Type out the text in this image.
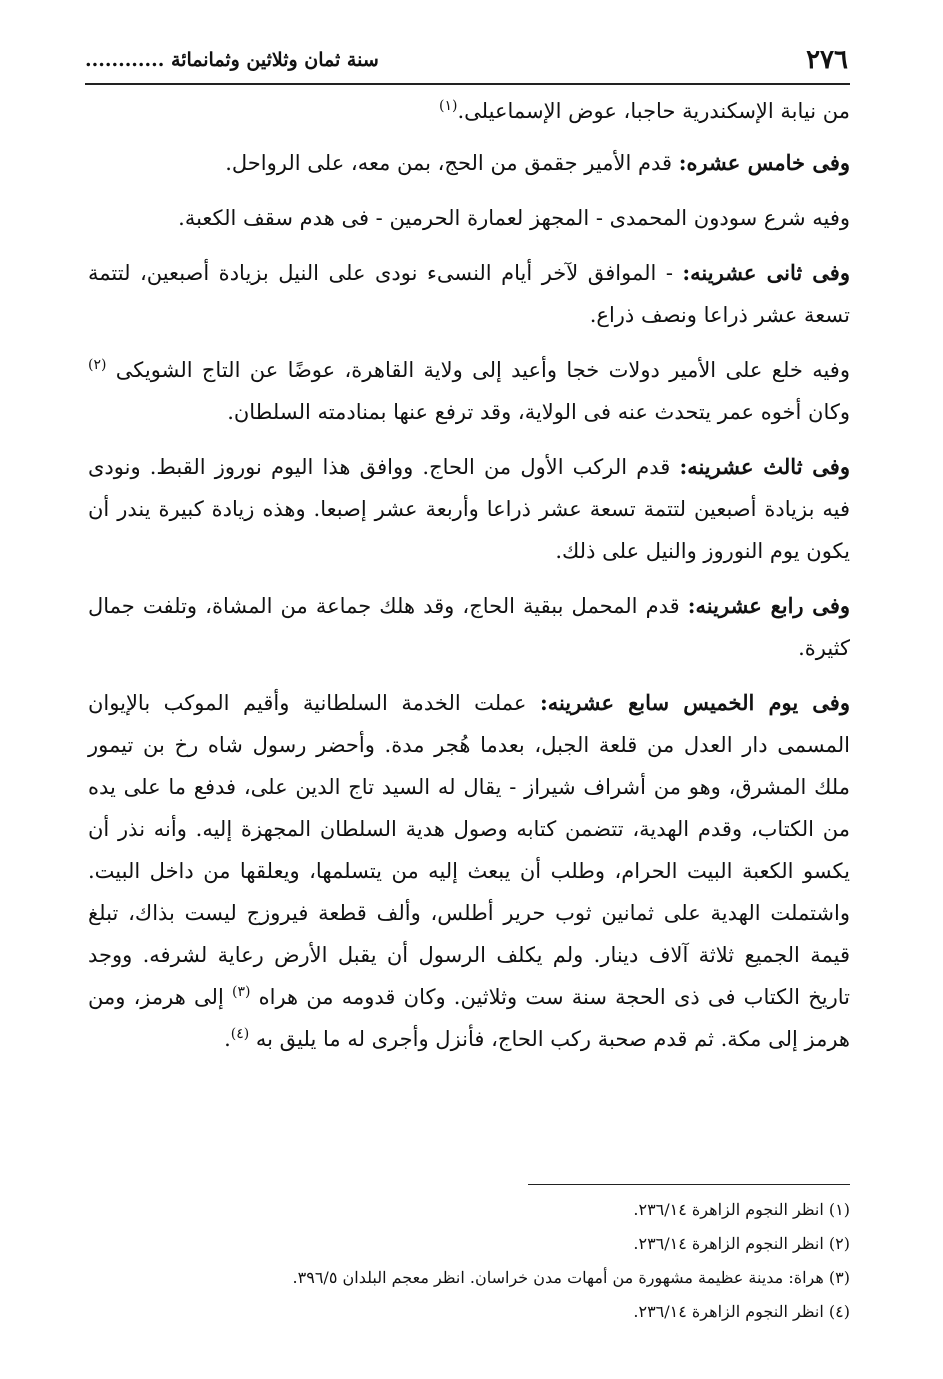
٢٧٦
سنة ثمان وثلاثين وثمانمائة ............

من نيابة الإسكندرية حاجبا، عوض الإسماعيلى.$^{(١)}$

وفى خامس عشره: قدم الأمير جقمق من الحج، بمن معه، على الرواحل.

وفيه شرع سودون المحمدى - المجهز لعمارة الحرمين - فى هدم سقف الكعبة.

وفى ثانى عشرينه: - الموافق لآخر أيام النسىء نودى على النيل بزيادة أصبعين، لتتمة تسعة عشر ذراعا ونصف ذراع.

وفيه خلع على الأمير دولات خجا وأعيد إلى ولاية القاهرة، عوضًا عن التاج الشويكى $^{(٢)}$ وكان أخوه عمر يتحدث عنه فى الولاية، وقد ترفع عنها بمنادمته السلطان.

وفى ثالث عشرينه: قدم الركب الأول من الحاج. ووافق هذا اليوم نوروز القبط. ونودى فيه بزيادة أصبعين لتتمة تسعة عشر ذراعا وأربعة عشر إصبعا. وهذه زيادة كبيرة يندر أن يكون يوم النوروز والنيل على ذلك.

وفى رابع عشرينه: قدم المحمل ببقية الحاج، وقد هلك جماعة من المشاة، وتلفت جمال كثيرة.

وفى يوم الخميس سابع عشرينه: عملت الخدمة السلطانية وأقيم الموكب بالإيوان المسمى دار العدل من قلعة الجبل، بعدما هُجر مدة. وأحضر رسول شاه رخ بن تيمور ملك المشرق، وهو من أشراف شيراز - يقال له السيد تاج الدين على، فدفع ما على يده من الكتاب، وقدم الهدية، تتضمن كتابه وصول هدية السلطان المجهزة إليه. وأنه نذر أن يكسو الكعبة البيت الحرام، وطلب أن يبعث إليه من يتسلمها، ويعلقها من داخل البيت. واشتملت الهدية على ثمانين ثوب حرير أطلس، وألف قطعة فيروزج ليست بذاك، تبلغ قيمة الجميع ثلاثة آلاف دينار. ولم يكلف الرسول أن يقبل الأرض رعاية لشرفه. ووجد تاريخ الكتاب فى ذى الحجة سنة ست وثلاثين. وكان قدومه من هراه $^{(٣)}$ إلى هرمز، ومن هرمز إلى مكة. ثم قدم صحبة ركب الحاج، فأنزل وأجرى له ما يليق به $^{(٤)}$.

(١) انظر النجوم الزاهرة ٢٣٦/١٤.

(٢) انظر النجوم الزاهرة ٢٣٦/١٤.

(٣) هراة: مدينة عظيمة مشهورة من أمهات مدن خراسان. انظر معجم البلدان ٣٩٦/٥.

(٤) انظر النجوم الزاهرة ٢٣٦/١٤.
